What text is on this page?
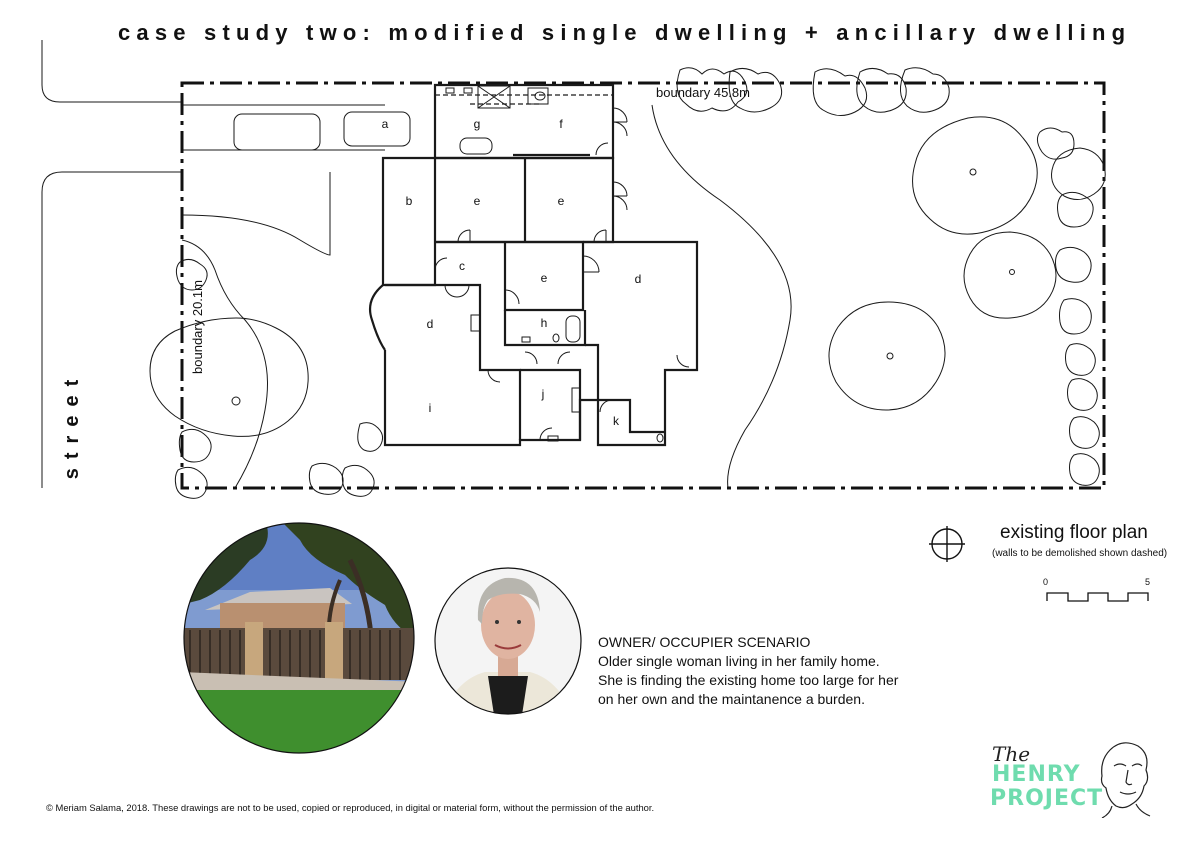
case study two: modified single dwelling + ancillary dwelling
a
b
c
d
d
e	e
e
f
g
h
i
j
k
boundary 45.8m
boundary 20.1m
street
0	5
existing floor plan
(walls to be demolished shown dashed)
OWNER/ OCCUPIER SCENARIO
Older single woman living in her family home.
She is finding the existing home too large for her
on her own and the maintanence a burden.
© Meriam Salama, 2018. These drawings are not to be used, copied or reproduced, in digital or material form, without the permission of the author.
The
HENRY
PROJECT
